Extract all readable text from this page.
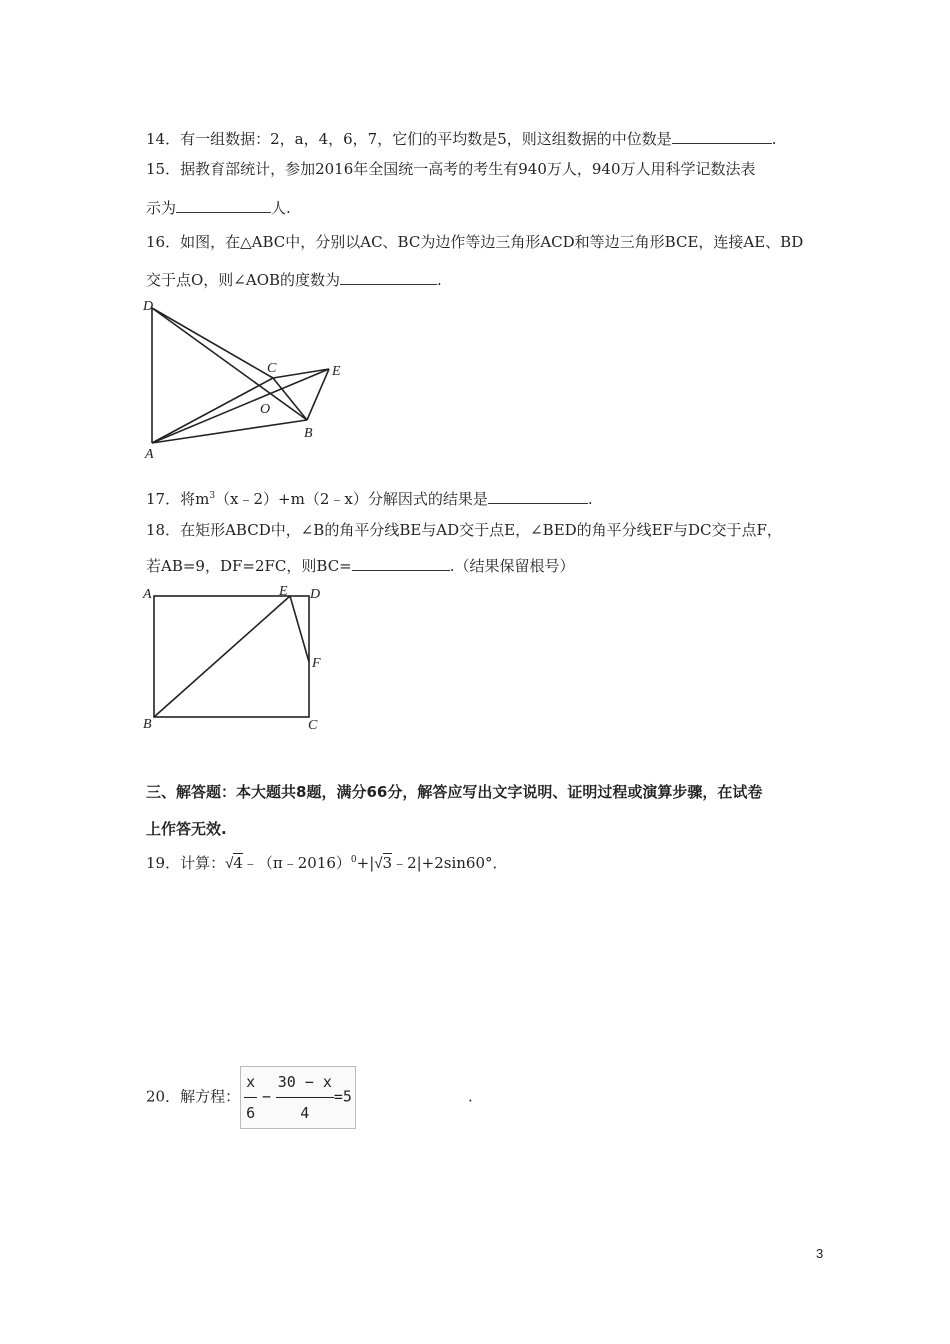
14．有一组数据：2，a，4，6，7，它们的平均数是5，则这组数据的中位数是	.
15．据教育部统计，参加2016年全国统一高考的考生有940万人，940万人用科学记数法表
示为	人.
16．如图，在△ABC中，分别以AC、BC为边作等边三角形ACD和等边三角形BCE，连接AE、BD
交于点O，则∠AOB的度数为	.
D
C	E
O
B
A
17．将$m^3(x﹣2)+m(2﹣x)$分解因式的结果是	.
18．在矩形ABCD中，∠B的角平分线BE与AD交于点E，∠BED的角平分线EF与DC交于点F，
若AB=9，DF=2FC，则BC=	.（结果保留根号）
A	E D
F
B	C
三、解答题：本大题共8题，满分66分，解答应写出文字说明、证明过程或演算步骤，在试卷
上作答无效.
19．计算：√4﹣（π﹣2016）$^0$+|√3﹣2|+2sin60°．
20．解方程： $\frac{x}{6} - \frac{30 - x}{4} =5$	.
3
